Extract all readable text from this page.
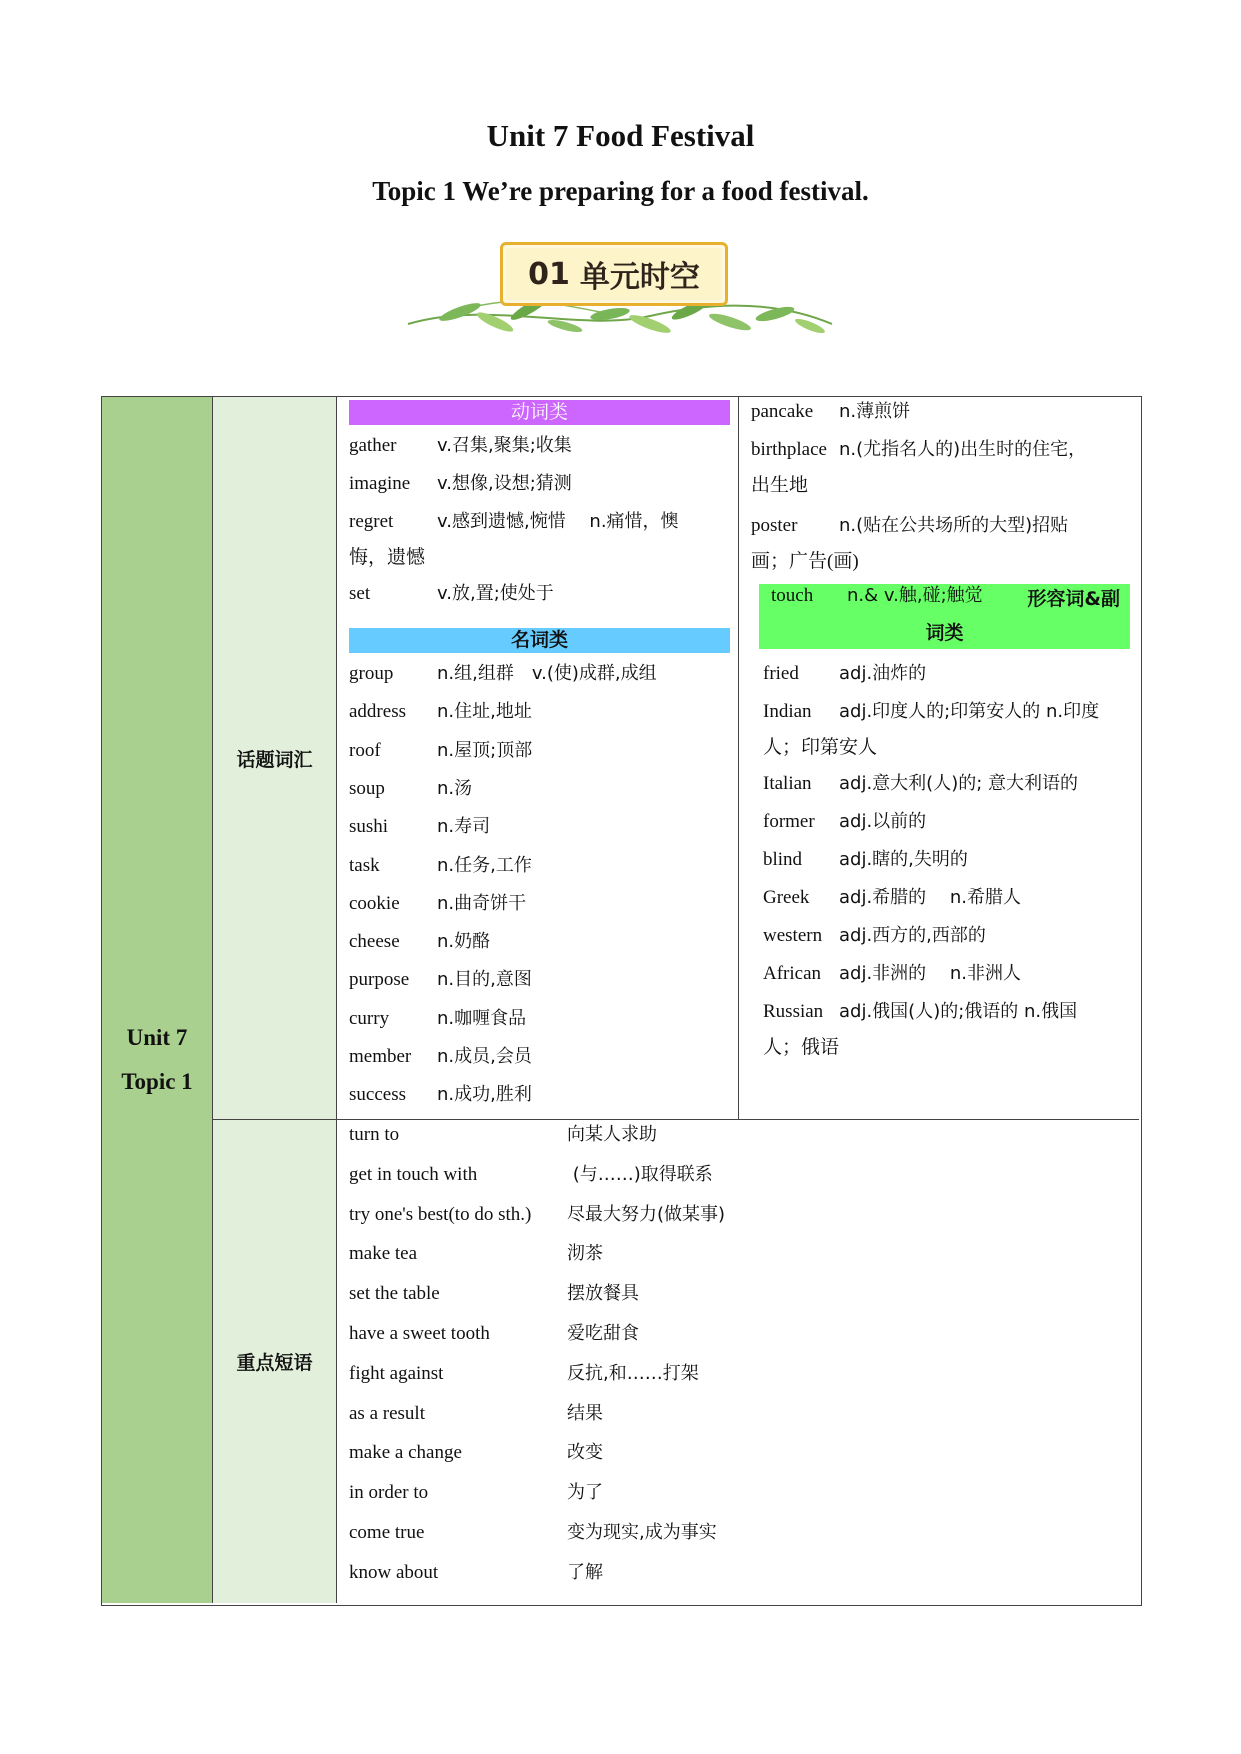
Unit 7 Food Festival
Topic 1 We’re preparing for a food festival.
01 单元时空
Unit 7
Topic 1
话题词汇
重点短语
动词类
名词类
gather v.召集,聚集;收集
imagine v.想像,设想;猜测
regret v.感到遗憾,惋惜　 n.痛惜，懊
悔，遗憾
set	v.放,置;使处于
group n.组,组群　v.(使)成群,成组
address n.住址,地址
roof	n.屋顶;顶部
soup	n.汤
sushi	n.寿司
task	n.任务,工作
cookie n.曲奇饼干
cheese n.奶酪
purpose n.目的,意图
curry	n.咖喱食品
member n.成员,会员
success n.成功,胜利
形容词&副
词类
pancake n.薄煎饼
birthplace n.(尤指名人的)出生时的住宅，
出生地
poster n.(贴在公共场所的大型)招贴
画；广告(画)
touch n.& v.触,碰;触觉
fried adj.油炸的
Indian adj.印度人的;印第安人的 n.印度
人；印第安人
Italian adj.意大利(人)的; 意大利语的
former adj.以前的
blind adj.瞎的,失明的
Greek adj.希腊的　 n.希腊人
western adj.西方的,西部的
African adj.非洲的　 n.非洲人
Russian adj.俄国(人)的;俄语的 n.俄国
人；俄语
turn to	向某人求助
get in touch with	(与……)取得联系
try one's best(to do sth.) 尽最大努力(做某事)
make tea	沏茶
set the table	摆放餐具
have a sweet tooth	爱吃甜食
fight against	反抗,和……打架
as a result	结果
make a change	改变
in order to	为了
come true	变为现实,成为事实
know about	了解
